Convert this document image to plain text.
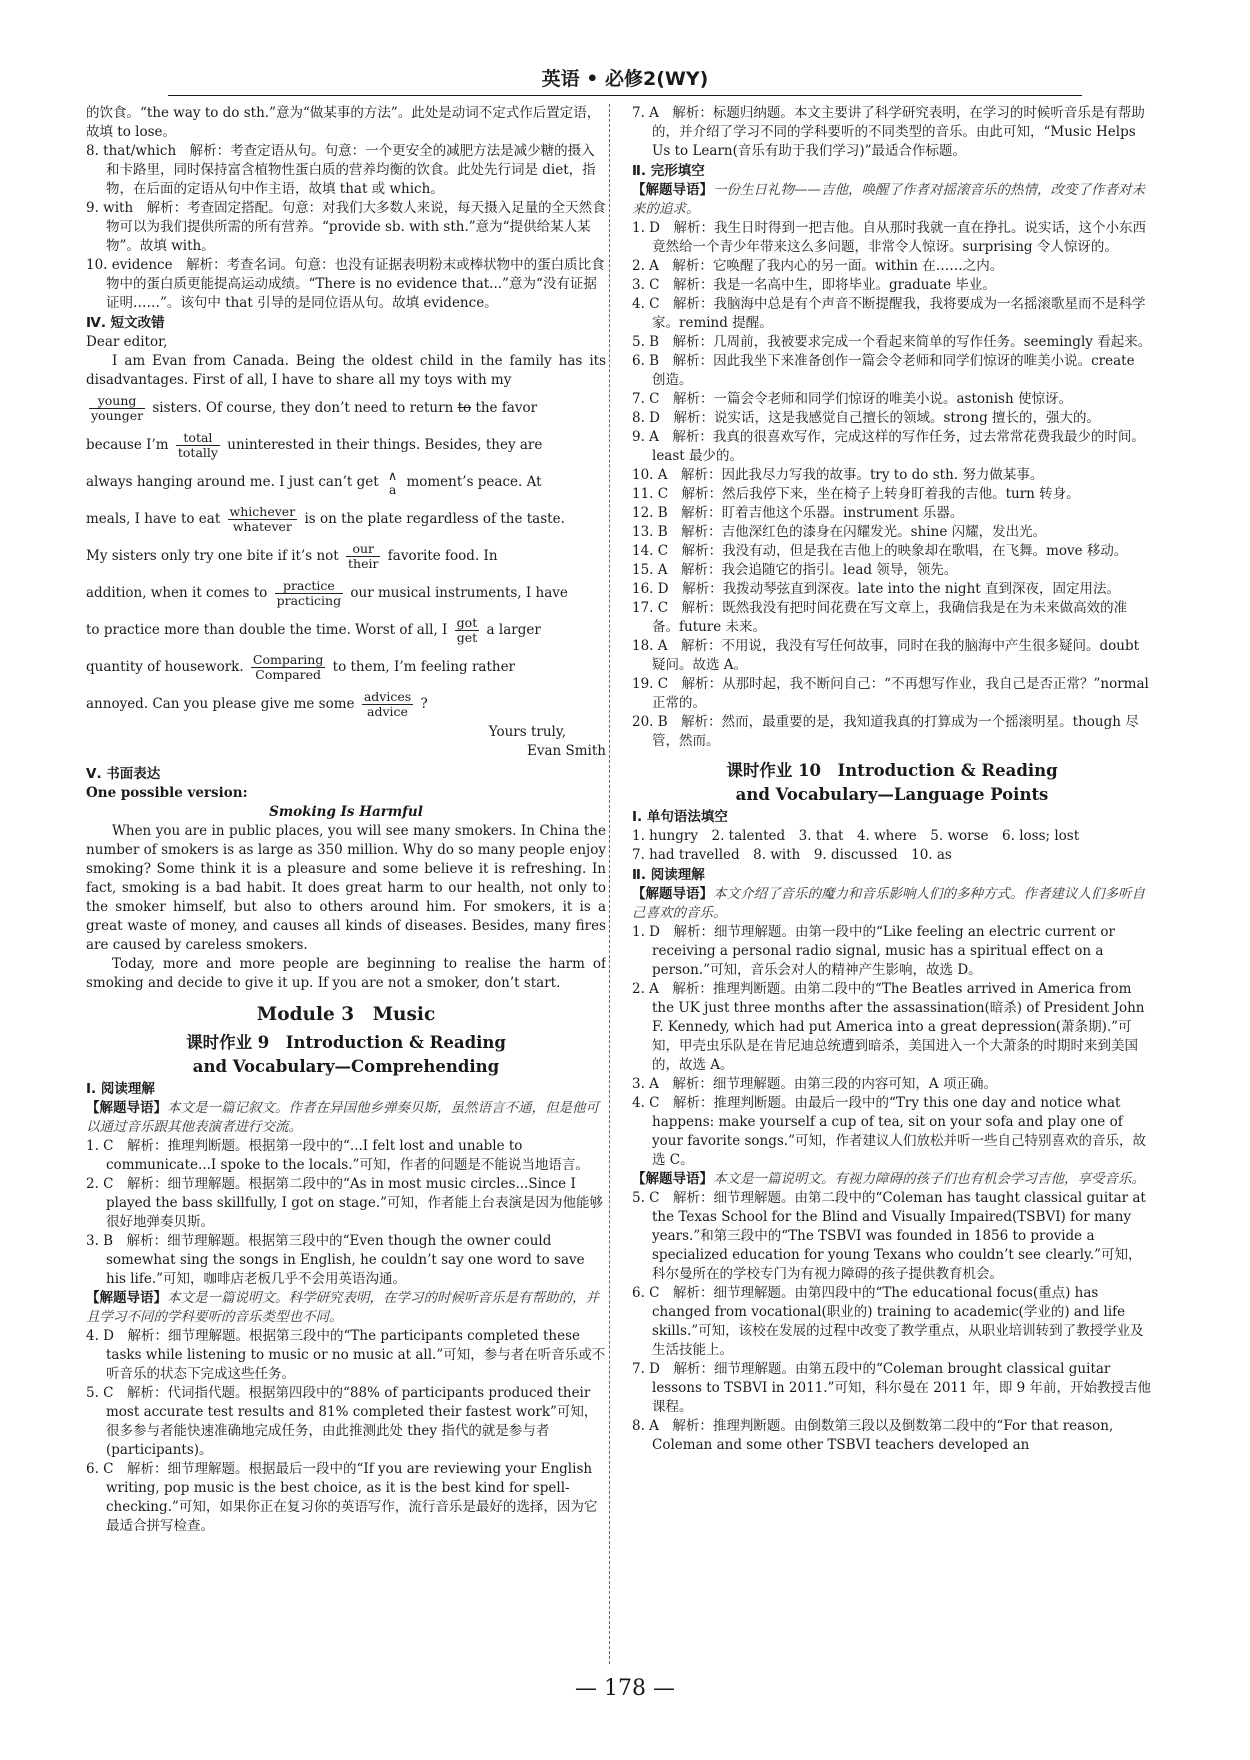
英语 • 必修2(WY)

的饮食。“the way to do sth.”意为“做某事的方法”。此处是动词不定式作后置定语，故填 to lose。

8. that/which　解析：考查定语从句。句意：一个更安全的减肥方法是减少糖的摄入和卡路里，同时保持富含植物性蛋白质的营养均衡的饮食。此处先行词是 diet，指物，在后面的定语从句中作主语，故填 that 或 which。

9. with　解析：考查固定搭配。句意：对我们大多数人来说，每天摄入足量的全天然食物可以为我们提供所需的所有营养。“provide sb. with sth.”意为“提供给某人某物”。故填 with。

10. evidence　解析：考查名词。句意：也没有证据表明粉末或棒状物中的蛋白质比食物中的蛋白质更能提高运动成绩。“There is no evidence that...”意为“没有证据证明……”。该句中 that 引导的是同位语从句。故填 evidence。

Ⅳ. 短文改错

Dear editor,

I am Evan from Canada. Being the oldest child in the family has its disadvantages. First of all, I have to share all my toys with my

young
younger sisters. Of course, they don’t need to return to the favor

because I’m	total
totally uninterested in their things. Besides, they are

always hanging around me. I just can’t get ∧
a moment’s peace. At

meals, I have to eat whichever
whatever is on the plate regardless of the taste.

My sisters only try one bite if it’s not	our
their favorite food. In

addition, when it comes to	practice
practicing our musical instruments, I have

to practice more than double the time. Worst of all, I got
get a larger

quantity of housework. Comparing
Compared to them, I’m feeling rather

annoyed. Can you please give me some advices
advice ?

Yours truly,

Evan Smith

Ⅴ. 书面表达

One possible version:

Smoking Is Harmful

When you are in public places, you will see many smokers. In China the number of smokers is as large as 350 million. Why do so many people enjoy smoking? Some think it is a pleasure and some believe it is refreshing. In fact, smoking is a bad habit. It does great harm to our health, not only to the smoker himself, but also to others around him. For smokers, it is a great waste of money, and causes all kinds of diseases. Besides, many fires are caused by careless smokers.

Today, more and more people are beginning to realise the harm of smoking and decide to give it up. If you are not a smoker, don’t start.

Module 3　Music

课时作业 9　Introduction & Reading

and Vocabulary—Comprehending

Ⅰ. 阅读理解

【解题导语】本文是一篇记叙文。作者在异国他乡弹奏贝斯，虽然语言不通，但是他可以通过音乐跟其他表演者进行交流。

1. C　解析：推理判断题。根据第一段中的“...I felt lost and unable to communicate...I spoke to the locals.”可知，作者的问题是不能说当地语言。

2. C　解析：细节理解题。根据第二段中的“As in most music circles...Since I played the bass skillfully, I got on stage.”可知，作者能上台表演是因为他能够很好地弹奏贝斯。

3. B　解析：细节理解题。根据第三段中的“Even though the owner could somewhat sing the songs in English, he couldn’t say one word to save his life.”可知，咖啡店老板几乎不会用英语沟通。

【解题导语】本文是一篇说明文。科学研究表明，在学习的时候听音乐是有帮助的，并且学习不同的学科要听的音乐类型也不同。

4. D　解析：细节理解题。根据第三段中的“The participants completed these tasks while listening to music or no music at all.”可知，参与者在听音乐或不听音乐的状态下完成这些任务。

5. C　解析：代词指代题。根据第四段中的“88% of participants produced their most accurate test results and 81% completed their fastest work”可知，很多参与者能快速准确地完成任务，由此推测此处 they 指代的就是参与者(participants)。

6. C　解析：细节理解题。根据最后一段中的“If you are reviewing your English writing, pop music is the best choice, as it is the best kind for spell-checking.”可知，如果你正在复习你的英语写作，流行音乐是最好的选择，因为它最适合拼写检查。

7. A　解析：标题归纳题。本文主要讲了科学研究表明，在学习的时候听音乐是有帮助的，并介绍了学习不同的学科要听的不同类型的音乐。由此可知，“Music Helps Us to Learn(音乐有助于我们学习)”最适合作标题。

Ⅱ. 完形填空

【解题导语】一份生日礼物——吉他，唤醒了作者对摇滚音乐的热情，改变了作者对未来的追求。

1. D　解析：我生日时得到一把吉他。自从那时我就一直在挣扎。说实话，这个小东西竟然给一个青少年带来这么多问题，非常令人惊讶。surprising 令人惊讶的。

2. A　解析：它唤醒了我内心的另一面。within 在……之内。

3. C　解析：我是一名高中生，即将毕业。graduate 毕业。

4. C　解析：我脑海中总是有个声音不断提醒我，我将要成为一名摇滚歌星而不是科学家。remind 提醒。

5. B　解析：几周前，我被要求完成一个看起来简单的写作任务。seemingly 看起来。

6. B　解析：因此我坐下来准备创作一篇会令老师和同学们惊讶的唯美小说。create 创造。

7. C　解析：一篇会令老师和同学们惊讶的唯美小说。astonish 使惊讶。

8. D　解析：说实话，这是我感觉自己擅长的领域。strong 擅长的，强大的。

9. A　解析：我真的很喜欢写作，完成这样的写作任务，过去常常花费我最少的时间。least 最少的。

10. A　解析：因此我尽力写我的故事。try to do sth. 努力做某事。

11. C　解析：然后我停下来，坐在椅子上转身盯着我的吉他。turn 转身。

12. B　解析：盯着吉他这个乐器。instrument 乐器。

13. B　解析：吉他深红色的漆身在闪耀发光。shine 闪耀，发出光。

14. C　解析：我没有动，但是我在吉他上的映象却在歌唱，在飞舞。move 移动。

15. A　解析：我会追随它的指引。lead 领导，领先。

16. D　解析：我拨动琴弦直到深夜。late into the night 直到深夜，固定用法。

17. C　解析：既然我没有把时间花费在写文章上，我确信我是在为未来做高效的准备。future 未来。

18. A　解析：不用说，我没有写任何故事，同时在我的脑海中产生很多疑问。doubt 疑问。故选 A。

19. C　解析：从那时起，我不断问自己：“不再想写作业，我自己是否正常？”normal 正常的。

20. B　解析：然而，最重要的是，我知道我真的打算成为一个摇滚明星。though 尽管，然而。

课时作业 10　Introduction & Reading

and Vocabulary—Language Points

Ⅰ. 单句语法填空

1. hungry　2. talented　3. that　4. where　5. worse　6. loss; lost

7. had travelled　8. with　9. discussed　10. as

Ⅱ. 阅读理解

【解题导语】本文介绍了音乐的魔力和音乐影响人们的多种方式。作者建议人们多听自己喜欢的音乐。

1. D　解析：细节理解题。由第一段中的“Like feeling an electric current or receiving a personal radio signal, music has a spiritual effect on a person.”可知，音乐会对人的精神产生影响，故选 D。

2. A　解析：推理判断题。由第二段中的“The Beatles arrived in America from the UK just three months after the assassination(暗杀) of President John F. Kennedy, which had put America into a great depression(萧条期).”可知，甲壳虫乐队是在肯尼迪总统遭到暗杀，美国进入一个大萧条的时期时来到美国的，故选 A。

3. A　解析：细节理解题。由第三段的内容可知，A 项正确。

4. C　解析：推理判断题。由最后一段中的“Try this one day and notice what happens: make yourself a cup of tea, sit on your sofa and play one of your favorite songs.”可知，作者建议人们放松并听一些自己特别喜欢的音乐，故选 C。

【解题导语】本文是一篇说明文。有视力障碍的孩子们也有机会学习吉他，享受音乐。

5. C　解析：细节理解题。由第二段中的“Coleman has taught classical guitar at the Texas School for the Blind and Visually Impaired(TSBVI) for many years.”和第三段中的“The TSBVI was founded in 1856 to provide a specialized education for young Texans who couldn’t see clearly.”可知，科尔曼所在的学校专门为有视力障碍的孩子提供教育机会。

6. C　解析：细节理解题。由第四段中的“The educational focus(重点) has changed from vocational(职业的) training to academic(学业的) and life skills.”可知，该校在发展的过程中改变了教学重点，从职业培训转到了教授学业及生活技能上。

7. D　解析：细节理解题。由第五段中的“Coleman brought classical guitar lessons to TSBVI in 2011.”可知，科尔曼在 2011 年，即 9 年前，开始教授吉他课程。

8. A　解析：推理判断题。由倒数第三段以及倒数第二段中的“For that reason, Coleman and some other TSBVI teachers developed an

— 178 —
